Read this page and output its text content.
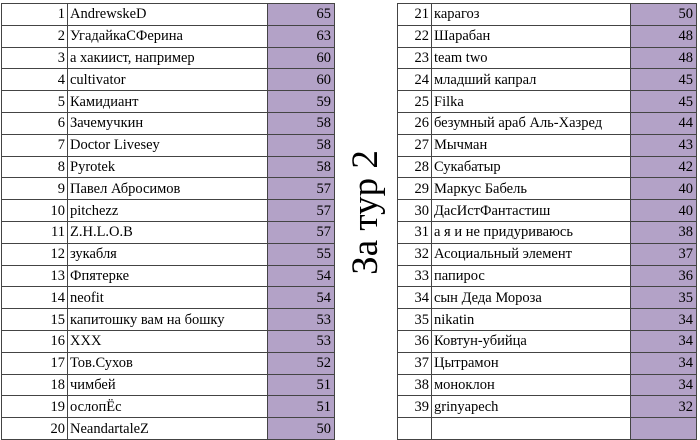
1	AndrewskeD	65
2	УгадайкаСФерина	63
3	а хакиист, например	60
4	cultivator	60
5	Камидиант	59
6	Зачемучкин	58
7	Doctor Livesey	58
8	Pyrotek	58
9	Павел Абросимов	57
10	pitchezz	57
11	Z.H.L.O.B	57
12	зукабля	55
13	Фпятерке	54
14	neofit	54
15	капитошку вам на бошку	53
16	XXX	53
17	Тов.Сухов	52
18	чимбей	51
19	ослопЁс	51
20	NeandartaleZ	50
За тур 2
21	карагоз	50
22	Шарабан	48
23	team two	48
24	младший капрал	45
25	Filka	45
26	безумный араб Аль-Хазред	44
27	Мычман	43
28	Сукабатыр	42
29	Маркус Бабель	40
30	ДасИстФантастиш	40
31	а я и не придуриваюсь	38
32	Асоциальный элемент	37
33	папирос	36
34	сын Деда Мороза	35
35	nikatin	34
36	Ковтун-убийца	34
37	Цытрамон	34
38	моноклон	34
39	grinyapech	32
